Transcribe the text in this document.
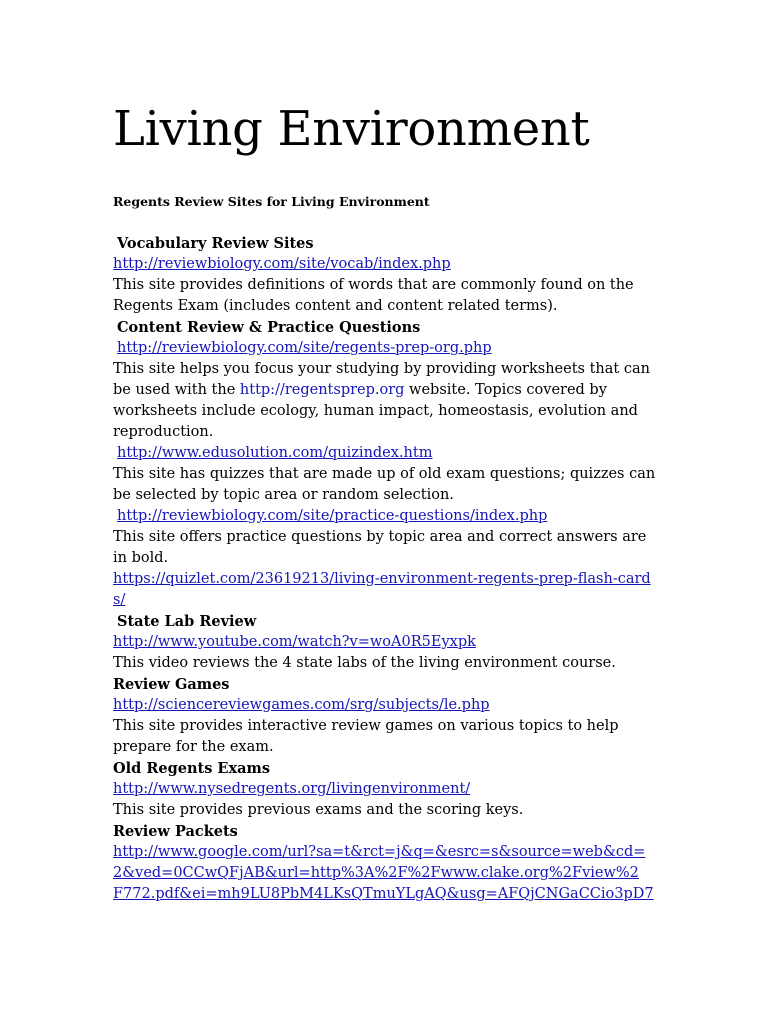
Living Environment
Regents Review Sites for Living Environment

Vocabulary Review Sites

http://reviewbiology.com/site/vocab/index.php

This site provides definitions of words that are commonly found on the Regents Exam (includes content and content related terms).

Content Review & Practice Questions

http://reviewbiology.com/site/regents-prep-org.php

This site helps you focus your studying by providing worksheets that can be used with the http://regentsprep.org website. Topics covered by worksheets include ecology, human impact, homeostasis, evolution and reproduction.

http://www.edusolution.com/quizindex.htm

This site has quizzes that are made up of old exam questions; quizzes can be selected by topic area or random selection.

http://reviewbiology.com/site/practice-questions/index.php

This site offers practice questions by topic area and correct answers are in bold.

https://quizlet.com/23619213/living-environment-regents-prep-flash-cards/

State Lab Review

http://www.youtube.com/watch?v=woA0R5Eyxpk

This video reviews the 4 state labs of the living environment course.

Review Games

http://sciencereviewgames.com/srg/subjects/le.php

This site provides interactive review games on various topics to help prepare for the exam.

Old Regents Exams

http://www.nysedregents.org/livingenvironment/

This site provides previous exams and the scoring keys.

Review Packets

http://www.google.com/url?sa=t&rct=j&q=&esrc=s&source=web&cd=
2&ved=0CCwQFjAB&url=http%3A%2F%2Fwww.clake.org%2Fview%2
F772.pdf&ei=mh9LU8PbM4LKsQTmuYLgAQ&usg=AFQjCNGaCCio3pD7
